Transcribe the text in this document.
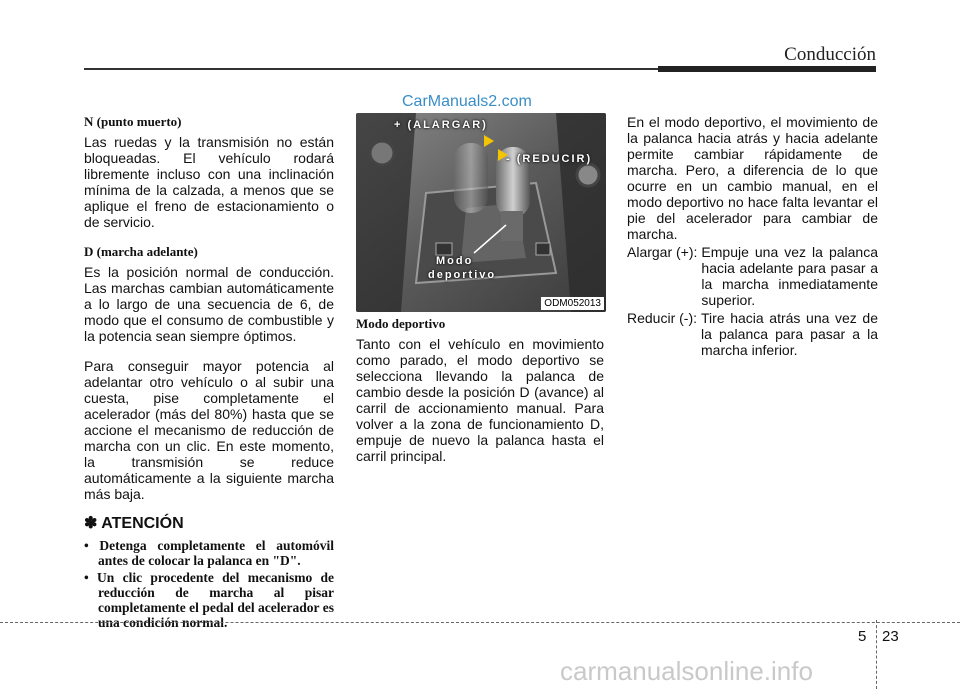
Conducción
N (punto muerto)

Las ruedas y la transmisión no están bloqueadas. El vehículo rodará libremente incluso con una inclinación mínima de la calzada, a menos que se aplique el freno de estacionamiento o de servicio.

D (marcha adelante)

Es la posición normal de conducción. Las marchas cambian automáticamente a lo largo de una secuencia de 6, de modo que el consumo de combustible y la potencia sean siempre óptimos.

Para conseguir mayor potencia al adelantar otro vehículo o al subir una cuesta, pise completamente el acelerador (más del 80%) hasta que se accione el mecanismo de reducción de marcha con un clic. En este momento, la transmisión se reduce automáticamente a la siguiente marcha más baja.

✽ ATENCIÓN
• Detenga completamente el automóvil antes de colocar la palanca en "D".
• Un clic procedente del mecanismo de reducción de marcha al pisar completamente el pedal del acelerador es una condición normal.
CarManuals2.com
+ (ALARGAR)
- (REDUCIR)
Modo
deportivo
ODM052013
Modo deportivo

Tanto con el vehículo en movimiento como parado, el modo deportivo se selecciona llevando la palanca de cambio desde la posición D (avance) al carril de accionamiento manual. Para volver a la zona de funcionamiento D, empuje de nuevo la palanca hasta el carril principal.

En el modo deportivo, el movimiento de la palanca hacia atrás y hacia adelante permite cambiar rápidamente de marcha. Pero, a diferencia de lo que ocurre en un cambio manual, en el modo deportivo no hace falta levantar el pie del acelerador para cambiar de marcha.

Alargar (+): Empuje una vez la palanca hacia adelante para pasar a la marcha inmediatamente superior.
Reducir (-): Tire hacia atrás una vez de la palanca para pasar a la marcha inferior.
5 23
carmanualsonline.info
